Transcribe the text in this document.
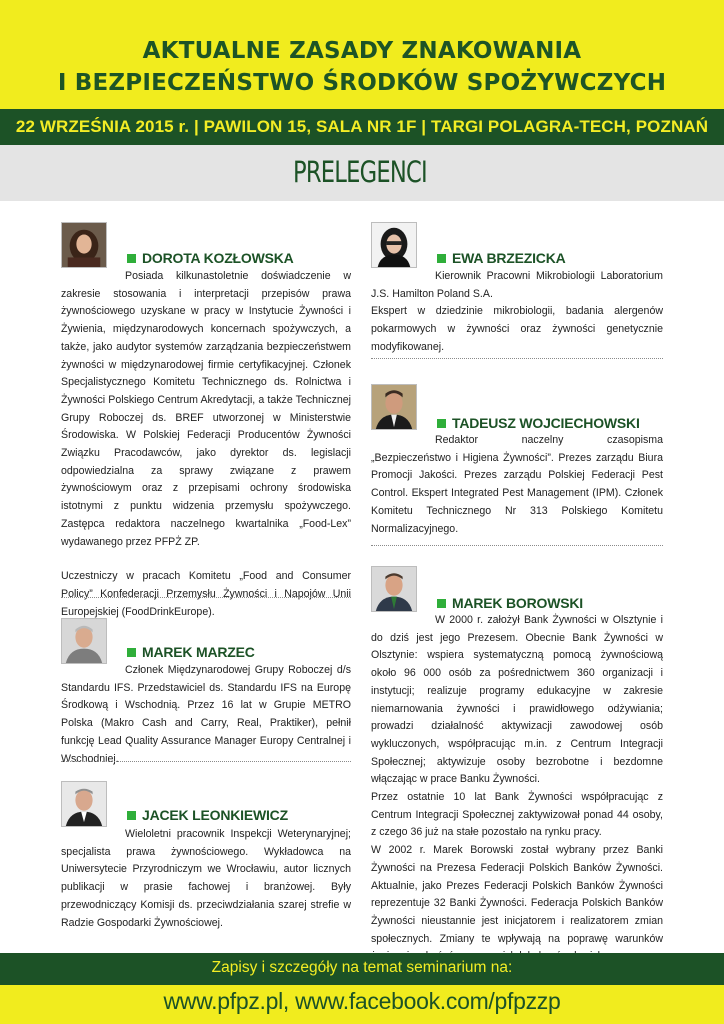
AKTUALNE ZASADY ZNAKOWANIA
I BEZPIECZEŃSTWO ŚRODKÓW SPOŻYWCZYCH
22 WRZEŚNIA 2015 r. | PAWILON 15, SALA NR 1F | TARGI POLAGRA-TECH, POZNAŃ
PRELEGENCI
DOROTA KOZŁOWSKA

Posiada kilkunastoletnie doświadczenie w zakresie stosowania i interpretacji przepisów prawa żywnościowego uzyskane w pracy w Instytucie Żywności i Żywienia, międzynarodowych koncernach spożywczych, a także, jako audytor systemów zarządzania bezpieczeństwem żywności w międzynarodowej firmie certyfikacyjnej. Członek Specjalistycznego Komitetu Technicznego ds. Rolnictwa i Żywności Polskiego Centrum Akredytacji, a także Technicznej Grupy Roboczej ds. BREF utworzonej w Ministerstwie Środowiska. W Polskiej Federacji Producentów Żywności Związku Pracodawców, jako dyrektor ds. legislacji odpowiedzialna za sprawy związane z prawem żywnościowym oraz z przepisami ochrony środowiska istotnymi z punktu widzenia przemysłu spożywczego. Zastępca redaktora naczelnego kwartalnika „Food-Lex” wydawanego przez PFPŻ ZP.

Uczestniczy w pracach Komitetu „Food and Consumer Policy” Konfederacji Przemysłu Żywności i Napojów Unii Europejskiej (FoodDrinkEurope).

MAREK MARZEC

Członek Międzynarodowej Grupy Roboczej d/s Standardu IFS. Przedstawiciel ds. Standardu IFS na Europę Środkową i Wschodnią. Przez 16 lat w Grupie METRO Polska (Makro Cash and Carry, Real, Praktiker), pełnił funkcję Lead Quality Assurance Manager Europy Centralnej i Wschodniej.

JACEK LEONKIEWICZ

Wieloletni pracownik Inspekcji Weterynaryjnej; specjalista prawa żywnościowego. Wykładowca na Uniwersytecie Przyrodniczym we Wrocławiu, autor licznych publikacji w prasie fachowej i branżowej. Były przewodniczący Komisji ds. przeciwdziałania szarej strefie w Radzie Gospodarki Żywnościowej.

EWA BRZEZICKA

Kierownik Pracowni Mikrobiologii Laboratorium J.S. Hamilton Poland S.A.

Ekspert w dziedzinie mikrobiologii, badania alergenów pokarmowych w żywności oraz żywności genetycznie modyfikowanej.

TADEUSZ WOJCIECHOWSKI

Redaktor naczelny czasopisma „Bezpieczeństwo i Higiena Żywności”. Prezes zarządu Biura Promocji Jakości. Prezes zarządu Polskiej Federacji Pest Control. Ekspert Integrated Pest Management (IPM). Członek Komitetu Technicznego Nr 313 Polskiego Komitetu Normalizacyjnego.

MAREK BOROWSKI

W 2000 r. założył Bank Żywności w Olsztynie i do dziś jest jego Prezesem. Obecnie Bank Żywności w Olsztynie: wspiera systematyczną pomocą żywnościową około 96 000 osób za pośrednictwem 360 organizacji i instytucji; realizuje programy edukacyjne w zakresie niemarnowania żywności i prawidłowego odżywiania; prowadzi działalność aktywizacji zawodowej osób wykluczonych, współpracując m.in. z Centrum Integracji Społecznej; aktywizuje osoby bezrobotne i bezdomne włączając w prace Banku Żywności.

Przez ostatnie 10 lat Bank Żywności współpracując z Centrum Integracji Społecznej zaktywizował ponad 44 osoby, z czego 36 już na stałe pozostało na rynku pracy.

W 2002 r. Marek Borowski został wybrany przez Banki Żywności na Prezesa Federacji Polskich Banków Żywności. Aktualnie, jako Prezes Federacji Polskich Banków Żywności reprezentuje 32 Banki Żywności. Federacja Polskich Banków Żywności nieustannie jest inicjatorem i realizatorem zmian społecznych. Zmiany te wpływają na poprawę warunków

Zapisy i szczegóły na temat seminarium na:
www.pfpz.pl, www.facebook.com/pfpzzp
